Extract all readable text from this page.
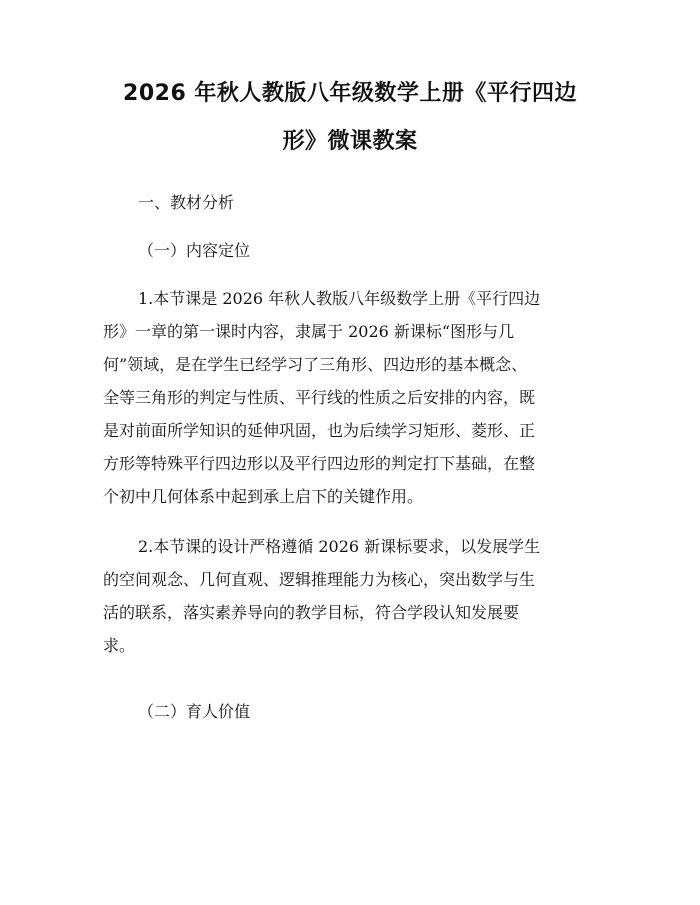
2026 年秋人教版八年级数学上册《平行四边
形》微课教案
一、教材分析
（一）内容定位
1.本节课是 2026 年秋人教版八年级数学上册《平行四边
形》一章的第一课时内容，隶属于 2026 新课标“图形与几
何”领域，是在学生已经学习了三角形、四边形的基本概念、
全等三角形的判定与性质、平行线的性质之后安排的内容，既
是对前面所学知识的延伸巩固，也为后续学习矩形、菱形、正
方形等特殊平行四边形以及平行四边形的判定打下基础，在整
个初中几何体系中起到承上启下的关键作用。
2.本节课的设计严格遵循 2026 新课标要求，以发展学生
的空间观念、几何直观、逻辑推理能力为核心，突出数学与生
活的联系，落实素养导向的教学目标，符合学段认知发展要
求。
（二）育人价值
